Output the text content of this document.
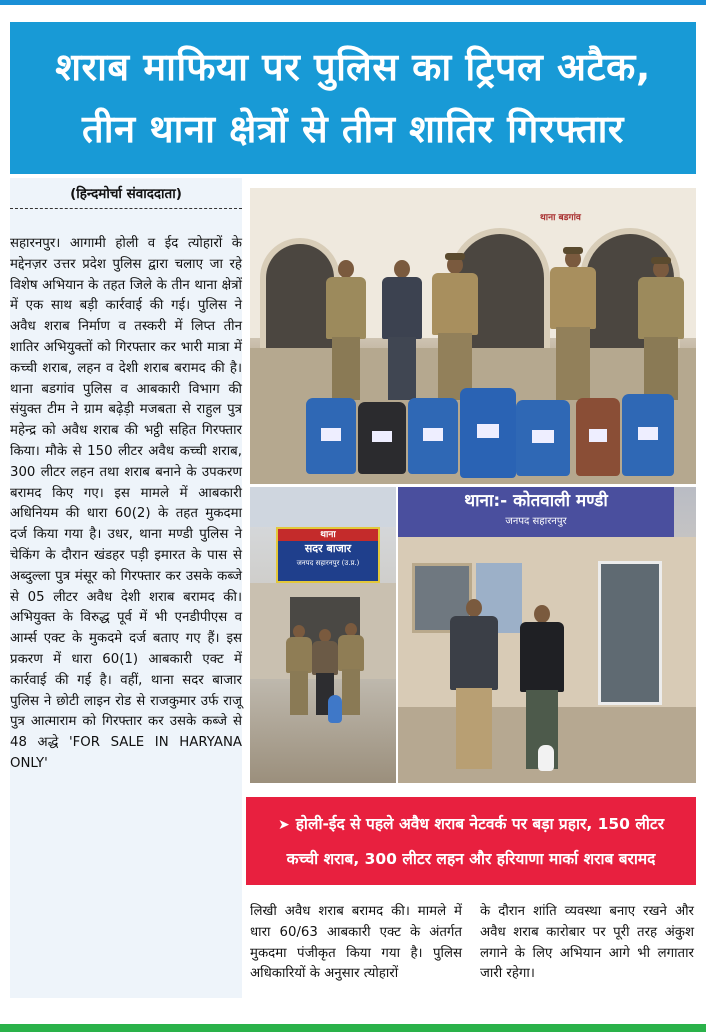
शराब माफिया पर पुलिस का ट्रिपल अटैक,
तीन थाना क्षेत्रों से तीन शातिर गिरफ्तार
(हिन्दमोर्चा संवाददाता)
सहारनपुर। आगामी होली व ईद त्योहारों के मद्देनज़र उत्तर प्रदेश पुलिस द्वारा चलाए जा रहे विशेष अभियान के तहत जिले के तीन थाना क्षेत्रों में एक साथ बड़ी कार्रवाई की गई। पुलिस ने अवैध शराब निर्माण व तस्करी में लिप्त तीन शातिर अभियुक्तों को गिरफ्तार कर भारी मात्रा में कच्ची शराब, लहन व देशी शराब बरामद की है। थाना बडगांव पुलिस व आबकारी विभाग की संयुक्त टीम ने ग्राम बढ़ेड़ी मजबता से राहुल पुत्र महेन्द्र को अवैध शराब की भट्ठी सहित गिरफ्तार किया। मौके से 150 लीटर अवैध कच्ची शराब, 300 लीटर लहन तथा शराब बनाने के उपकरण बरामद किए गए। इस मामले में आबकारी अधिनियम की धारा 60(2) के तहत मुकदमा दर्ज किया गया है। उधर, थाना मण्डी पुलिस ने चेकिंग के दौरान खंडहर पड़ी इमारत के पास से अब्दुल्ला पुत्र मंसूर को गिरफ्तार कर उसके कब्जे से 05 लीटर अवैध देशी शराब बरामद की। अभियुक्त के विरुद्ध पूर्व में भी एनडीपीएस व आर्म्स एक्ट के मुकदमे दर्ज बताए गए हैं। इस प्रकरण में धारा 60(1) आबकारी एक्ट में कार्रवाई की गई है। वहीं, थाना सदर बाजार पुलिस ने छोटी लाइन रोड से राजकुमार उर्फ राजू पुत्र आत्माराम को गिरफ्तार कर उसके कब्जे से 48 अद्धे 'FOR SALE IN HARYANA ONLY'
थाना बडगांव
थाना
सदर बाजार
जनपद सहारनपुर (उ.प्र.)
थाना:- कोतवाली मण्डी
जनपद सहारनपुर
➤ होली-ईद से पहले अवैध शराब नेटवर्क पर बड़ा प्रहार, 150 लीटर
कच्ची शराब, 300 लीटर लहन और हरियाणा मार्का शराब बरामद
लिखी अवैध शराब बरामद की। मामले में धारा 60/63 आबकारी एक्ट के अंतर्गत मुकदमा पंजीकृत किया गया है। पुलिस अधिकारियों के अनुसार त्योहारों
के दौरान शांति व्यवस्था बनाए रखने और अवैध शराब कारोबार पर पूरी तरह अंकुश लगाने के लिए अभियान आगे भी लगातार जारी रहेगा।
